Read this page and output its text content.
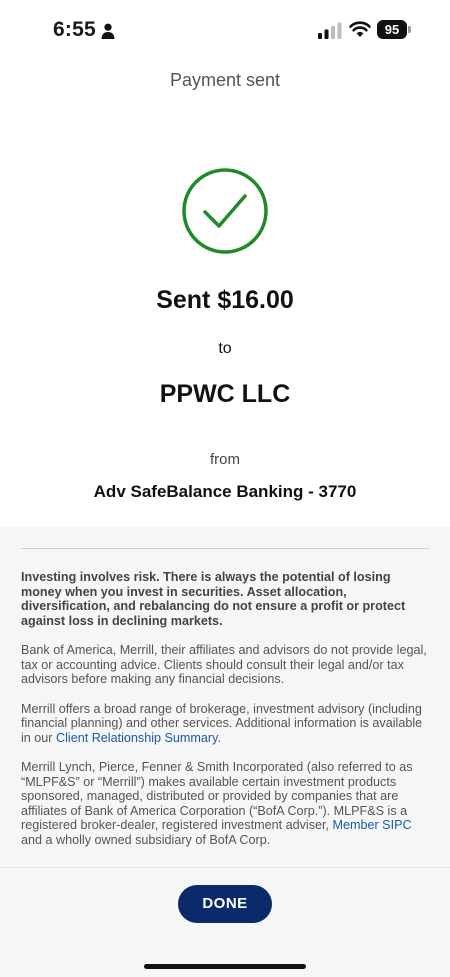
6:55	95
Payment sent
Sent $16.00
to
PPWC LLC
from
Adv SafeBalance Banking - 3770

Investing involves risk. There is always the potential of losing money when you invest in securities. Asset allocation, diversification, and rebalancing do not ensure a profit or protect against loss in declining markets.

Bank of America, Merrill, their affiliates and advisors do not provide legal, tax or accounting advice. Clients should consult their legal and/or tax advisors before making any financial decisions.

Merrill offers a broad range of brokerage, investment advisory (including financial planning) and other services. Additional information is available in our Client Relationship Summary.

Merrill Lynch, Pierce, Fenner & Smith Incorporated (also referred to as “MLPF&S” or “Merrill”) makes available certain investment products sponsored, managed, distributed or provided by companies that are affiliates of Bank of America Corporation (“BofA Corp.”). MLPF&S is a registered broker-dealer, registered investment adviser, Member SIPC and a wholly owned subsidiary of BofA Corp.

DONE
